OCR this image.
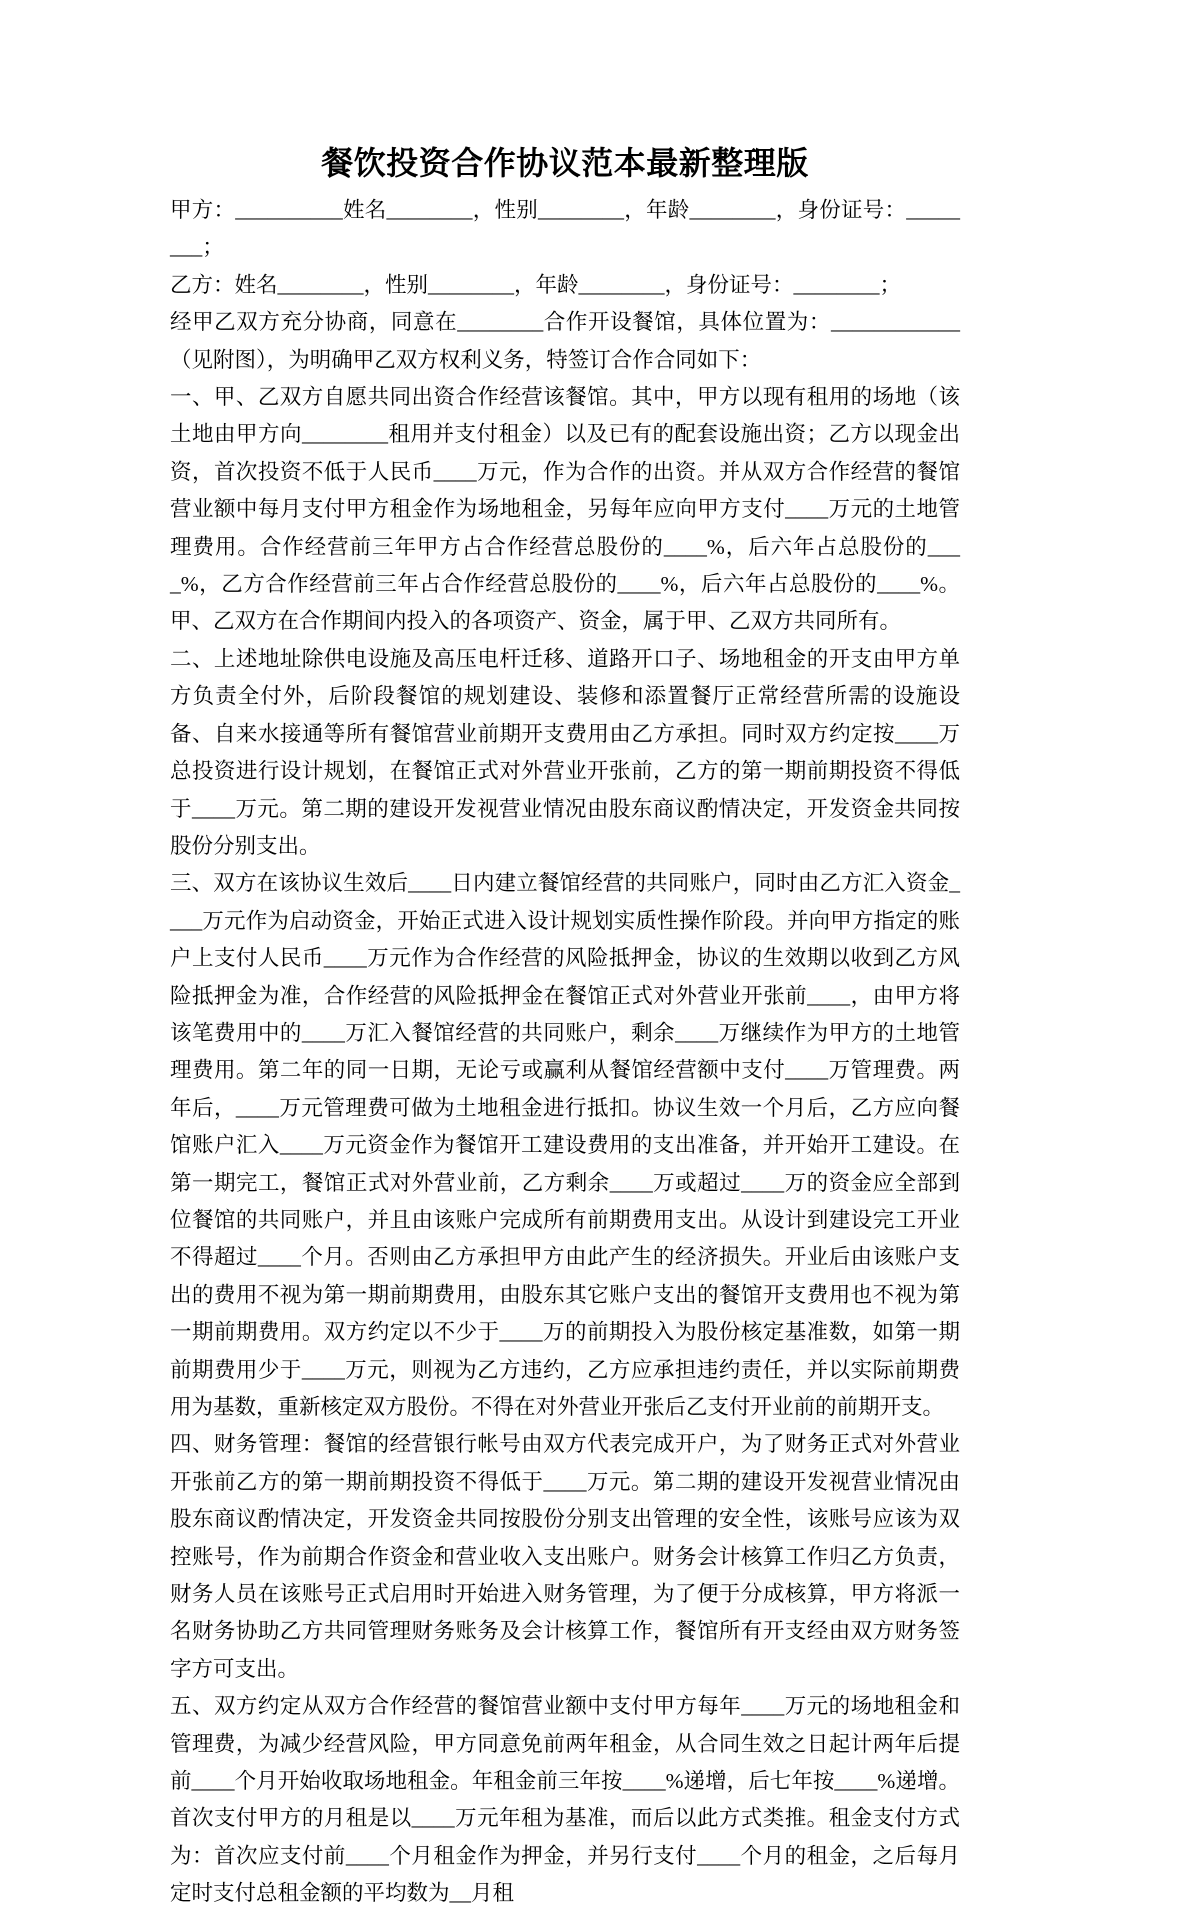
餐饮投资合作协议范本最新整理版

甲方：__________姓名________，性别________，年龄________，身份证号：________；

乙方：姓名________，性别________，年龄________，身份证号：________；

经甲乙双方充分协商，同意在________合作开设餐馆，具体位置为：____________（见附图），为明确甲乙双方权利义务，特签订合作合同如下：

一、甲、乙双方自愿共同出资合作经营该餐馆。其中，甲方以现有租用的场地（该土地由甲方向________租用并支付租金）以及已有的配套设施出资；乙方以现金出资，首次投资不低于人民币____万元，作为合作的出资。并从双方合作经营的餐馆营业额中每月支付甲方租金作为场地租金，另每年应向甲方支付____万元的土地管理费用。合作经营前三年甲方占合作经营总股份的____%，后六年占总股份的____%，乙方合作经营前三年占合作经营总股份的____%，后六年占总股份的____%。甲、乙双方在合作期间内投入的各项资产、资金，属于甲、乙双方共同所有。

二、上述地址除供电设施及高压电杆迁移、道路开口子、场地租金的开支由甲方单方负责全付外，后阶段餐馆的规划建设、装修和添置餐厅正常经营所需的设施设备、自来水接通等所有餐馆营业前期开支费用由乙方承担。同时双方约定按____万总投资进行设计规划，在餐馆正式对外营业开张前，乙方的第一期前期投资不得低于____万元。第二期的建设开发视营业情况由股东商议酌情决定，开发资金共同按股份分别支出。

三、双方在该协议生效后____日内建立餐馆经营的共同账户，同时由乙方汇入资金____万元作为启动资金，开始正式进入设计规划实质性操作阶段。并向甲方指定的账户上支付人民币____万元作为合作经营的风险抵押金，协议的生效期以收到乙方风险抵押金为准，合作经营的风险抵押金在餐馆正式对外营业开张前____，由甲方将该笔费用中的____万汇入餐馆经营的共同账户，剩余____万继续作为甲方的土地管理费用。第二年的同一日期，无论亏或赢利从餐馆经营额中支付____万管理费。两年后，____万元管理费可做为土地租金进行抵扣。协议生效一个月后，乙方应向餐馆账户汇入____万元资金作为餐馆开工建设费用的支出准备，并开始开工建设。在第一期完工，餐馆正式对外营业前，乙方剩余____万或超过____万的资金应全部到位餐馆的共同账户，并且由该账户完成所有前期费用支出。从设计到建设完工开业不得超过____个月。否则由乙方承担甲方由此产生的经济损失。开业后由该账户支出的费用不视为第一期前期费用，由股东其它账户支出的餐馆开支费用也不视为第一期前期费用。双方约定以不少于____万的前期投入为股份核定基准数，如第一期前期费用少于____万元，则视为乙方违约，乙方应承担违约责任，并以实际前期费用为基数，重新核定双方股份。不得在对外营业开张后乙支付开业前的前期开支。

四、财务管理：餐馆的经营银行帐号由双方代表完成开户，为了财务正式对外营业开张前乙方的第一期前期投资不得低于____万元。第二期的建设开发视营业情况由股东商议酌情决定，开发资金共同按股份分别支出管理的安全性，该账号应该为双控账号，作为前期合作资金和营业收入支出账户。财务会计核算工作归乙方负责，财务人员在该账号正式启用时开始进入财务管理，为了便于分成核算，甲方将派一名财务协助乙方共同管理财务账务及会计核算工作，餐馆所有开支经由双方财务签字方可支出。

五、双方约定从双方合作经营的餐馆营业额中支付甲方每年____万元的场地租金和管理费，为减少经营风险，甲方同意免前两年租金，从合同生效之日起计两年后提前____个月开始收取场地租金。年租金前三年按____%递增，后七年按____%递增。首次支付甲方的月租是以____万元年租为基准，而后以此方式类推。租金支付方式为：首次应支付前____个月租金作为押金，并另行支付____个月的租金，之后每月定时支付总租金额的平均数为__月租
